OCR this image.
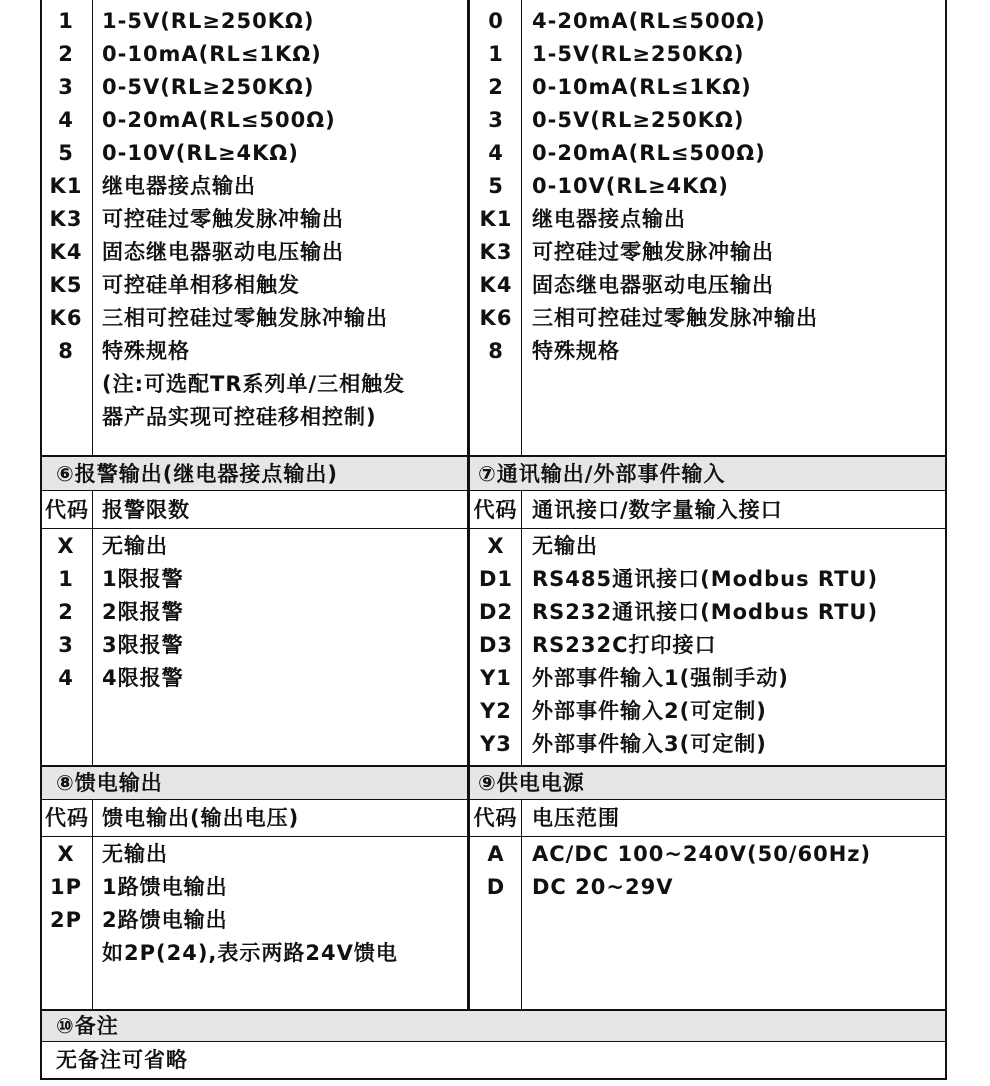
1	1-5V(RL≥250KΩ)
2	0-10mA(RL≤1KΩ)
3	0-5V(RL≥250KΩ)
4	0-20mA(RL≤500Ω)
5	0-10V(RL≥4KΩ)
K1 继电器接点输出
K3 可控硅过零触发脉冲输出
K4 固态继电器驱动电压输出
K5 可控硅单相移相触发
K6 三相可控硅过零触发脉冲输出
8	特殊规格
(注:可选配TR系列单/三相触发
器产品实现可控硅移相控制)
0	4-20mA(RL≤500Ω)
1	1-5V(RL≥250KΩ)
2	0-10mA(RL≤1KΩ)
3	0-5V(RL≥250KΩ)
4	0-20mA(RL≤500Ω)
5	0-10V(RL≥4KΩ)
K1 继电器接点输出
K3 可控硅过零触发脉冲输出
K4 固态继电器驱动电压输出
K6 三相可控硅过零触发脉冲输出
8	特殊规格
⑥报警输出(继电器接点输出)	⑦通讯输出/外部事件输入
代码 报警限数	代码 通讯接口/数字量输入接口
X	无输出
1	1限报警
2	2限报警
3	3限报警
4	4限报警
X	无输出
D1 RS485通讯接口(Modbus RTU)
D2 RS232通讯接口(Modbus RTU)
D3 RS232C打印接口
Y1 外部事件输入1(强制手动)
Y2 外部事件输入2(可定制)
Y3 外部事件输入3(可定制)
⑧馈电输出	⑨供电电源
代码 馈电输出(输出电压)	代码 电压范围
X	无输出
1P 1路馈电输出
2P 2路馈电输出
如2P(24),表示两路24V馈电
A	AC/DC 100~240V(50/60Hz)
D	DC 20~29V
⑩备注
无备注可省略
